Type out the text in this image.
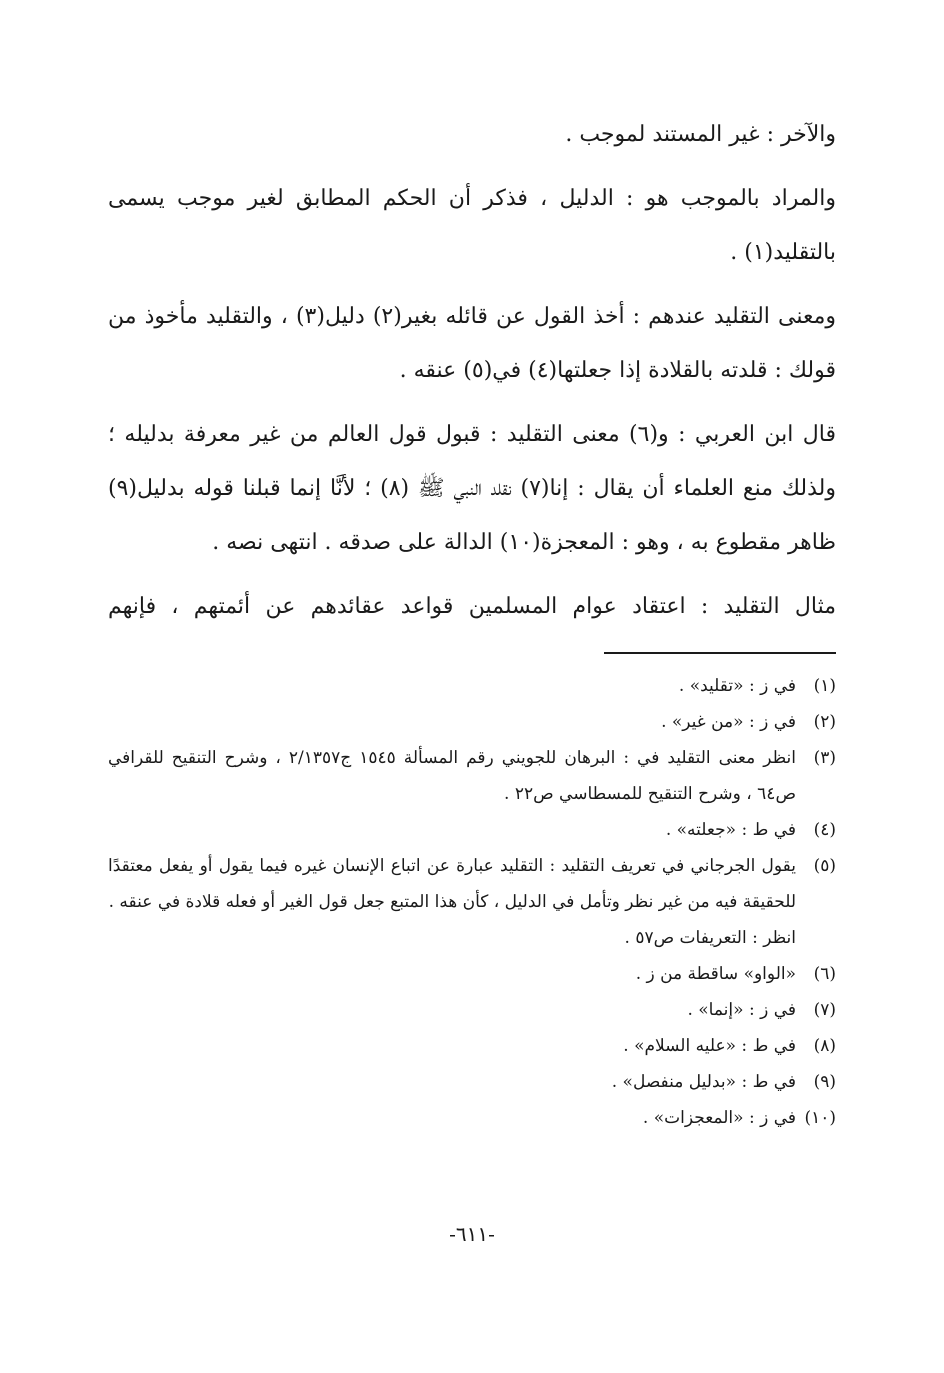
والآخر : غير المستند لموجب .

والمراد بالموجب هو : الدليل ، فذكر أن الحكم المطابق لغير موجب يسمى بالتقليد(١) .

ومعنى التقليد عندهم : أخذ القول عن قائله بغير(٢) دليل(٣) ، والتقليد مأخوذ من قولك : قلدته بالقلادة إذا جعلتها(٤) في(٥) عنقه .

قال ابن العربي : و(٦) معنى التقليد : قبول قول العالم من غير معرفة بدليله ؛ ولذلك منع العلماء أن يقال : إنا(٧) نقلد النبي ﷺ (٨) ؛ لأنَّا إنما قبلنا قوله بدليل(٩) ظاهر مقطوع به ، وهو : المعجزة(١٠) الدالة على صدقه . انتهى نصه .

مثال التقليد : اعتقاد عوام المسلمين قواعد عقائدهم عن أئمتهم ، فإنهم

(١)
في ز : «تقليد» .
(٢)
في ز : «من غير» .
(٣)
انظر معنى التقليد في : البرهان للجويني رقم المسألة ١٥٤٥ ج٢/١٣٥٧ ، وشرح التنقيح للقرافي ص٦٤ ، وشرح التنقيح للمسطاسي ص٢٢ .
(٤)
في ط : «جعلته» .
(٥)
يقول الجرجاني في تعريف التقليد : التقليد عبارة عن اتباع الإنسان غيره فيما يقول أو يفعل معتقدًا للحقيقة فيه من غير نظر وتأمل في الدليل ، كأن هذا المتبع جعل قول الغير أو فعله قلادة في عنقه .
انظر : التعريفات ص٥٧ .
(٦)
«الواو» ساقطة من ز .
(٧)
في ز : «إنما» .
(٨)
في ط : «عليه السلام» .
(٩)
في ط : «بدليل منفصل» .
(١٠)
في ز : «المعجزات» .
-٦١١-
